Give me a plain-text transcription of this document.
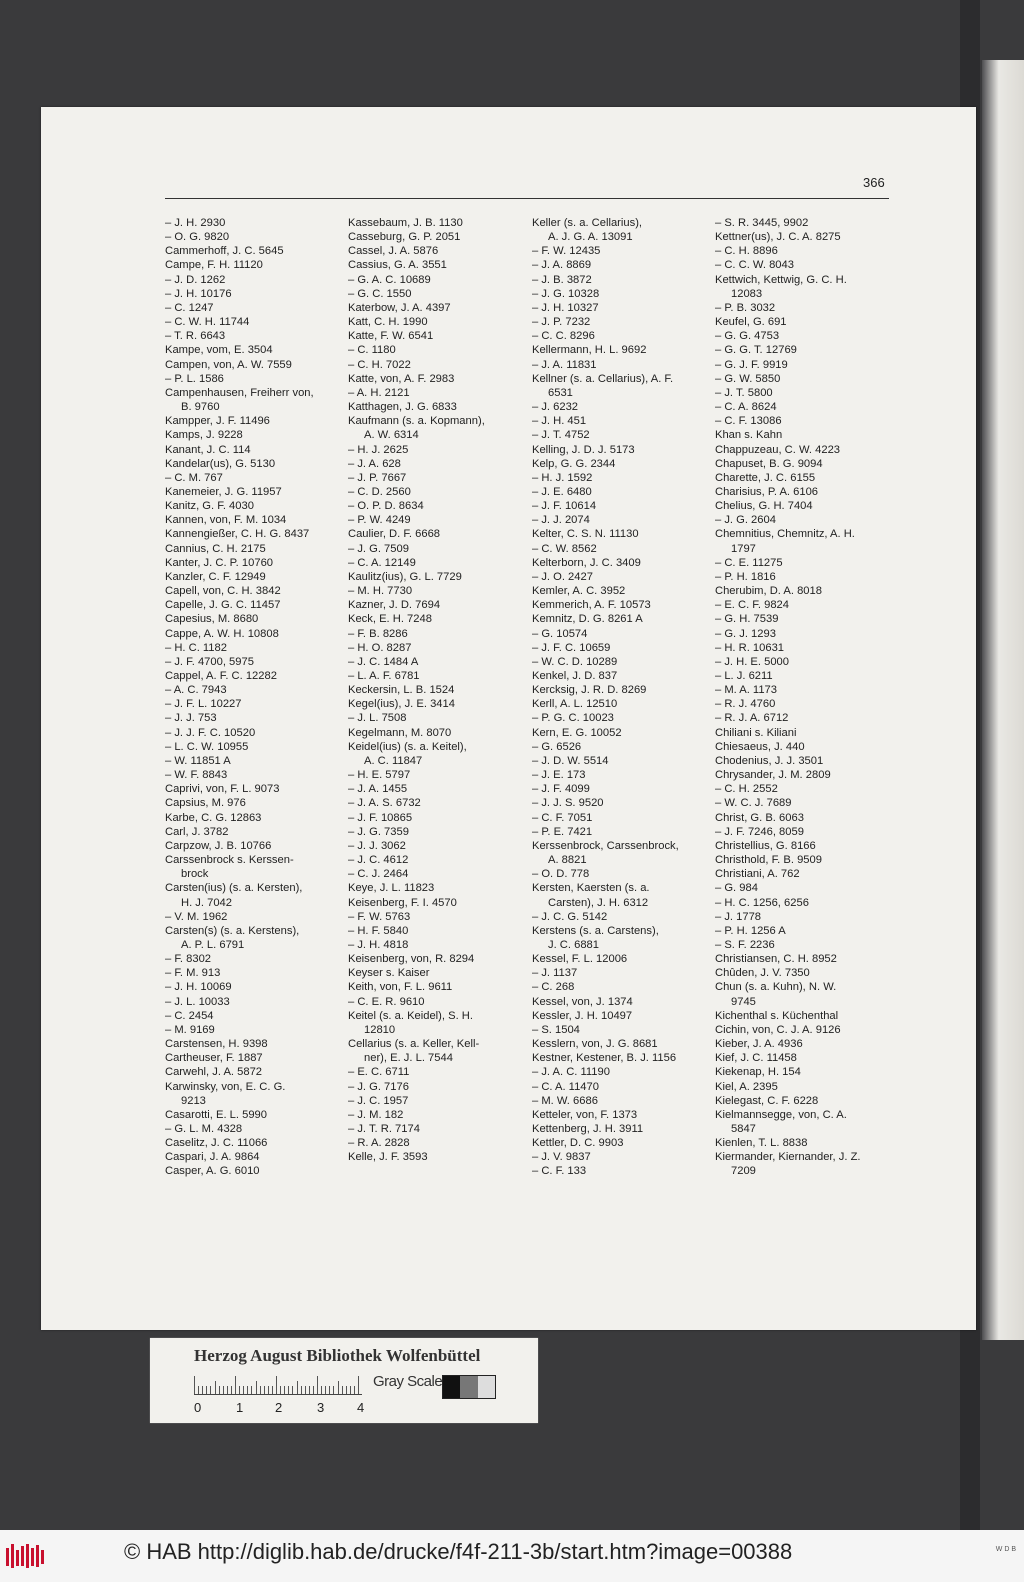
366
– J. H. 2930
– O. G. 9820
Cammerhoff, J. C. 5645
Campe, F. H. 11120
– J. D. 1262
– J. H. 10176
– C. 1247
– C. W. H. 11744
– T. R. 6643
Kampe, vom, E. 3504
Campen, von, A. W. 7559
– P. L. 1586
Campenhausen, Freiherr von,
B. 9760
Kampper, J. F. 11496
Kamps, J. 9228
Kanant, J. C. 114
Kandelar(us), G. 5130
– C. M. 767
Kanemeier, J. G. 11957
Kanitz, G. F. 4030
Kannen, von, F. M. 1034
Kannengießer, C. H. G. 8437
Cannius, C. H. 2175
Kanter, J. C. P. 10760
Kanzler, C. F. 12949
Capell, von, C. H. 3842
Capelle, J. G. C. 11457
Capesius, M. 8680
Cappe, A. W. H. 10808
– H. C. 1182
– J. F. 4700, 5975
Cappel, A. F. C. 12282
– A. C. 7943
– J. F. L. 10227
– J. J. 753
– J. J. F. C. 10520
– L. C. W. 10955
– W. 11851 A
– W. F. 8843
Caprivi, von, F. L. 9073
Capsius, M. 976
Karbe, C. G. 12863
Carl, J. 3782
Carpzow, J. B. 10766
Carssenbrock s. Kerssen-
brock
Carsten(ius) (s. a. Kersten),
H. J. 7042
– V. M. 1962
Carsten(s) (s. a. Kerstens),
A. P. L. 6791
– F. 8302
– F. M. 913
– J. H. 10069
– J. L. 10033
– C. 2454
– M. 9169
Carstensen, H. 9398
Cartheuser, F. 1887
Carwehl, J. A. 5872
Karwinsky, von, E. C. G.
9213
Casarotti, E. L. 5990
– G. L. M. 4328
Caselitz, J. C. 11066
Caspari, J. A. 9864
Casper, A. G. 6010
Kassebaum, J. B. 1130
Casseburg, G. P. 2051
Cassel, J. A. 5876
Cassius, G. A. 3551
– G. A. C. 10689
– G. C. 1550
Katerbow, J. A. 4397
Katt, C. H. 1990
Katte, F. W. 6541
– C. 1180
– C. H. 7022
Katte, von, A. F. 2983
– A. H. 2121
Katthagen, J. G. 6833
Kaufmann (s. a. Kopmann),
A. W. 6314
– H. J. 2625
– J. A. 628
– J. P. 7667
– C. D. 2560
– O. P. D. 8634
– P. W. 4249
Caulier, D. F. 6668
– J. G. 7509
– C. A. 12149
Kaulitz(ius), G. L. 7729
– M. H. 7730
Kazner, J. D. 7694
Keck, E. H. 7248
– F. B. 8286
– H. O. 8287
– J. C. 1484 A
– L. A. F. 6781
Keckersin, L. B. 1524
Kegel(ius), J. E. 3414
– J. L. 7508
Kegelmann, M. 8070
Keidel(ius) (s. a. Keitel),
A. C. 11847
– H. E. 5797
– J. A. 1455
– J. A. S. 6732
– J. F. 10865
– J. G. 7359
– J. J. 3062
– J. C. 4612
– C. J. 2464
Keye, J. L. 11823
Keisenberg, F. I. 4570
– F. W. 5763
– H. F. 5840
– J. H. 4818
Keisenberg, von, R. 8294
Keyser s. Kaiser
Keith, von, F. L. 9611
– C. E. R. 9610
Keitel (s. a. Keidel), S. H.
12810
Cellarius (s. a. Keller, Kell-
ner), E. J. L. 7544
– E. C. 6711
– J. G. 7176
– J. C. 1957
– J. M. 182
– J. T. R. 7174
– R. A. 2828
Kelle, J. F. 3593
Keller (s. a. Cellarius),
A. J. G. A. 13091
– F. W. 12435
– J. A. 8869
– J. B. 3872
– J. G. 10328
– J. H. 10327
– J. P. 7232
– C. C. 8296
Kellermann, H. L. 9692
– J. A. 11831
Kellner (s. a. Cellarius), A. F.
6531
– J. 6232
– J. H. 451
– J. T. 4752
Kelling, J. D. J. 5173
Kelp, G. G. 2344
– H. J. 1592
– J. E. 6480
– J. F. 10614
– J. J. 2074
Kelter, C. S. N. 11130
– C. W. 8562
Kelterborn, J. C. 3409
– J. O. 2427
Kemler, A. C. 3952
Kemmerich, A. F. 10573
Kemnitz, D. G. 8261 A
– G. 10574
– J. F. C. 10659
– W. C. D. 10289
Kenkel, J. D. 837
Kercksig, J. R. D. 8269
Kerll, A. L. 12510
– P. G. C. 10023
Kern, E. G. 10052
– G. 6526
– J. D. W. 5514
– J. E. 173
– J. F. 4099
– J. J. S. 9520
– C. F. 7051
– P. E. 7421
Kerssenbrock, Carssenbrock,
A. 8821
– O. D. 778
Kersten, Kaersten (s. a.
Carsten), J. H. 6312
– J. C. G. 5142
Kerstens (s. a. Carstens),
J. C. 6881
Kessel, F. L. 12006
– J. 1137
– C. 268
Kessel, von, J. 1374
Kessler, J. H. 10497
– S. 1504
Kesslern, von, J. G. 8681
Kestner, Kestener, B. J. 1156
– J. A. C. 11190
– C. A. 11470
– M. W. 6686
Ketteler, von, F. 1373
Kettenberg, J. H. 3911
Kettler, D. C. 9903
– J. V. 9837
– C. F. 133
– S. R. 3445, 9902
Kettner(us), J. C. A. 8275
– C. H. 8896
– C. C. W. 8043
Kettwich, Kettwig, G. C. H.
12083
– P. B. 3032
Keufel, G. 691
– G. G. 4753
– G. G. T. 12769
– G. J. F. 9919
– G. W. 5850
– J. T. 5800
– C. A. 8624
– C. F. 13086
Khan s. Kahn
Chappuzeau, C. W. 4223
Chapuset, B. G. 9094
Charette, J. C. 6155
Charisius, P. A. 6106
Chelius, G. H. 7404
– J. G. 2604
Chemnitius, Chemnitz, A. H.
1797
– C. E. 11275
– P. H. 1816
Cherubim, D. A. 8018
– E. C. F. 9824
– G. H. 7539
– G. J. 1293
– H. R. 10631
– J. H. E. 5000
– L. J. 6211
– M. A. 1173
– R. J. 4760
– R. J. A. 6712
Chiliani s. Kiliani
Chiesaeus, J. 440
Chodenius, J. J. 3501
Chrysander, J. M. 2809
– C. H. 2552
– W. C. J. 7689
Christ, G. B. 6063
– J. F. 7246, 8059
Christellius, G. 8166
Christhold, F. B. 9509
Christiani, A. 762
– G. 984
– H. C. 1256, 6256
– J. 1778
– P. H. 1256 A
– S. F. 2236
Christiansen, C. H. 8952
Chûden, J. V. 7350
Chun (s. a. Kuhn), N. W.
9745
Kichenthal s. Küchenthal
Cichin, von, C. J. A. 9126
Kieber, J. A. 4936
Kief, J. C. 11458
Kiekenap, H. 154
Kiel, A. 2395
Kielegast, C. F. 6228
Kielmannsegge, von, C. A.
5847
Kienlen, T. L. 8838
Kiermander, Kiernander, J. Z.
7209
Herzog August Bibliothek Wolfenbüttel
0	1 2	3	4
Gray Scale
© HAB http://diglib.hab.de/drucke/f4f-211-3b/start.htm?image=00388	W D B
